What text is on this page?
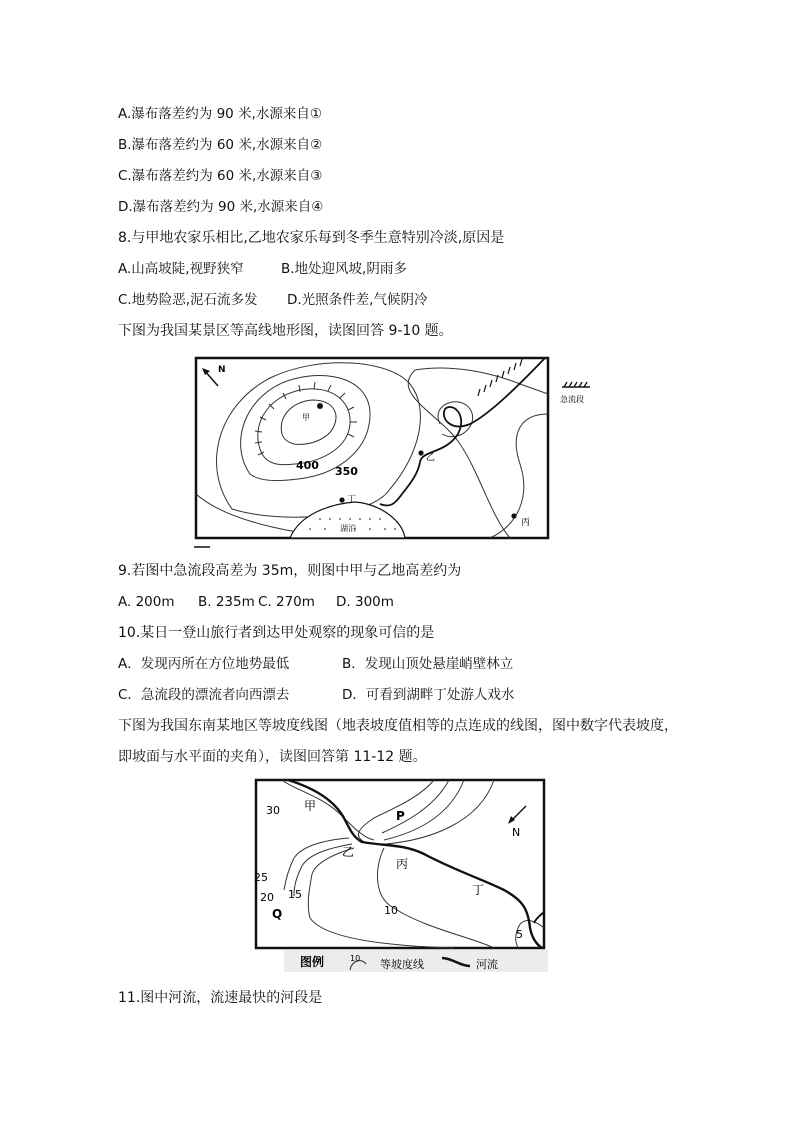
A.瀑布落差约为 90 米,水源来自①
B.瀑布落差约为 60 米,水源来自②
C.瀑布落差约为 60 米,水源来自③
D.瀑布落差约为 90 米,水源来自④
8.与甲地农家乐相比,乙地农家乐每到冬季生意特别冷淡,原因是
A.山高坡陡,视野狭窄	B.地处迎风坡,阴雨多
C.地势险恶,泥石流多发 D.光照条件差,气候阴冷
下图为我国某景区等高线地形图，读图回答 9-10 题。
N
急流段
湖泊
甲
乙
丁
丙
400 350
9.若图中急流段高差为 35m，则图中甲与乙地高差约为
A. 200m B. 235m C. 270m D. 300m
10.某日一登山旅行者到达甲处观察的现象可信的是
A．发现丙所在方位地势最低	B．发现山顶处悬崖峭壁林立
C．急流段的漂流者向西漂去	D．可看到湖畔丁处游人戏水
下图为我国东南某地区等坡度线图（地表坡度值相等的点连成的线图，图中数字代表坡度，
即坡面与水平面的夹角），读图回答第 11-12 题。
N
30 甲
P
乙
丙
丁
25
20 15
Q	10
5
图例	10 等坡度线	河流
11.图中河流，流速最快的河段是
